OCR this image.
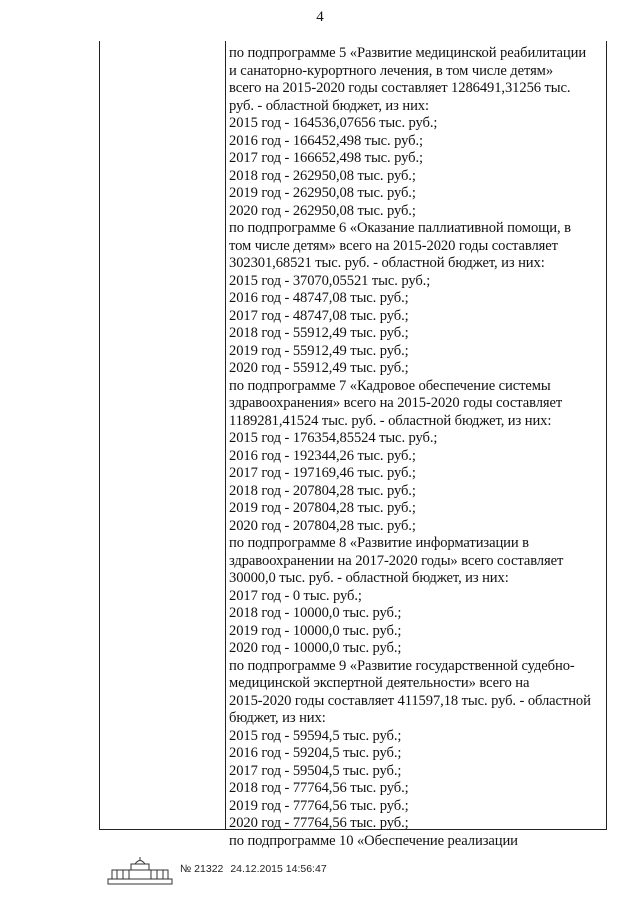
4
по подпрограмме 5 «Развитие медицинской реабилитации
и санаторно-курортного лечения, в том числе детям»
всего на 2015-2020 годы составляет 1286491,31256 тыс.
руб. - областной бюджет, из них:
2015 год - 164536,07656 тыс. руб.;
2016 год - 166452,498 тыс. руб.;
2017 год - 166652,498 тыс. руб.;
2018 год - 262950,08 тыс. руб.;
2019 год - 262950,08 тыс. руб.;
2020 год - 262950,08 тыс. руб.;
по подпрограмме 6 «Оказание паллиативной помощи, в
том числе детям» всего на 2015-2020 годы составляет
302301,68521 тыс. руб. - областной бюджет, из них:
2015 год - 37070,05521 тыс. руб.;
2016 год - 48747,08 тыс. руб.;
2017 год - 48747,08 тыс. руб.;
2018 год - 55912,49 тыс. руб.;
2019 год - 55912,49 тыс. руб.;
2020 год - 55912,49 тыс. руб.;
по подпрограмме 7 «Кадровое обеспечение системы
здравоохранения» всего на 2015-2020 годы составляет
1189281,41524 тыс. руб. - областной бюджет, из них:
2015 год - 176354,85524 тыс. руб.;
2016 год - 192344,26 тыс. руб.;
2017 год - 197169,46 тыс. руб.;
2018 год - 207804,28 тыс. руб.;
2019 год - 207804,28 тыс. руб.;
2020 год - 207804,28 тыс. руб.;
по подпрограмме 8 «Развитие информатизации в
здравоохранении на 2017-2020 годы» всего составляет
30000,0 тыс. руб. - областной бюджет, из них:
2017 год - 0 тыс. руб.;
2018 год - 10000,0 тыс. руб.;
2019 год - 10000,0 тыс. руб.;
2020 год - 10000,0 тыс. руб.;
по подпрограмме 9 «Развитие государственной судебно-
медицинской экспертной деятельности» всего на
2015-2020 годы составляет 411597,18 тыс. руб. - областной
бюджет, из них:
2015 год - 59594,5 тыс. руб.;
2016 год - 59204,5 тыс. руб.;
2017 год - 59504,5 тыс. руб.;
2018 год - 77764,56 тыс. руб.;
2019 год - 77764,56 тыс. руб.;
2020 год - 77764,56 тыс. руб.;
по подпрограмме 10 «Обеспечение реализации
№ 21322 24.12.2015 14:56:47
